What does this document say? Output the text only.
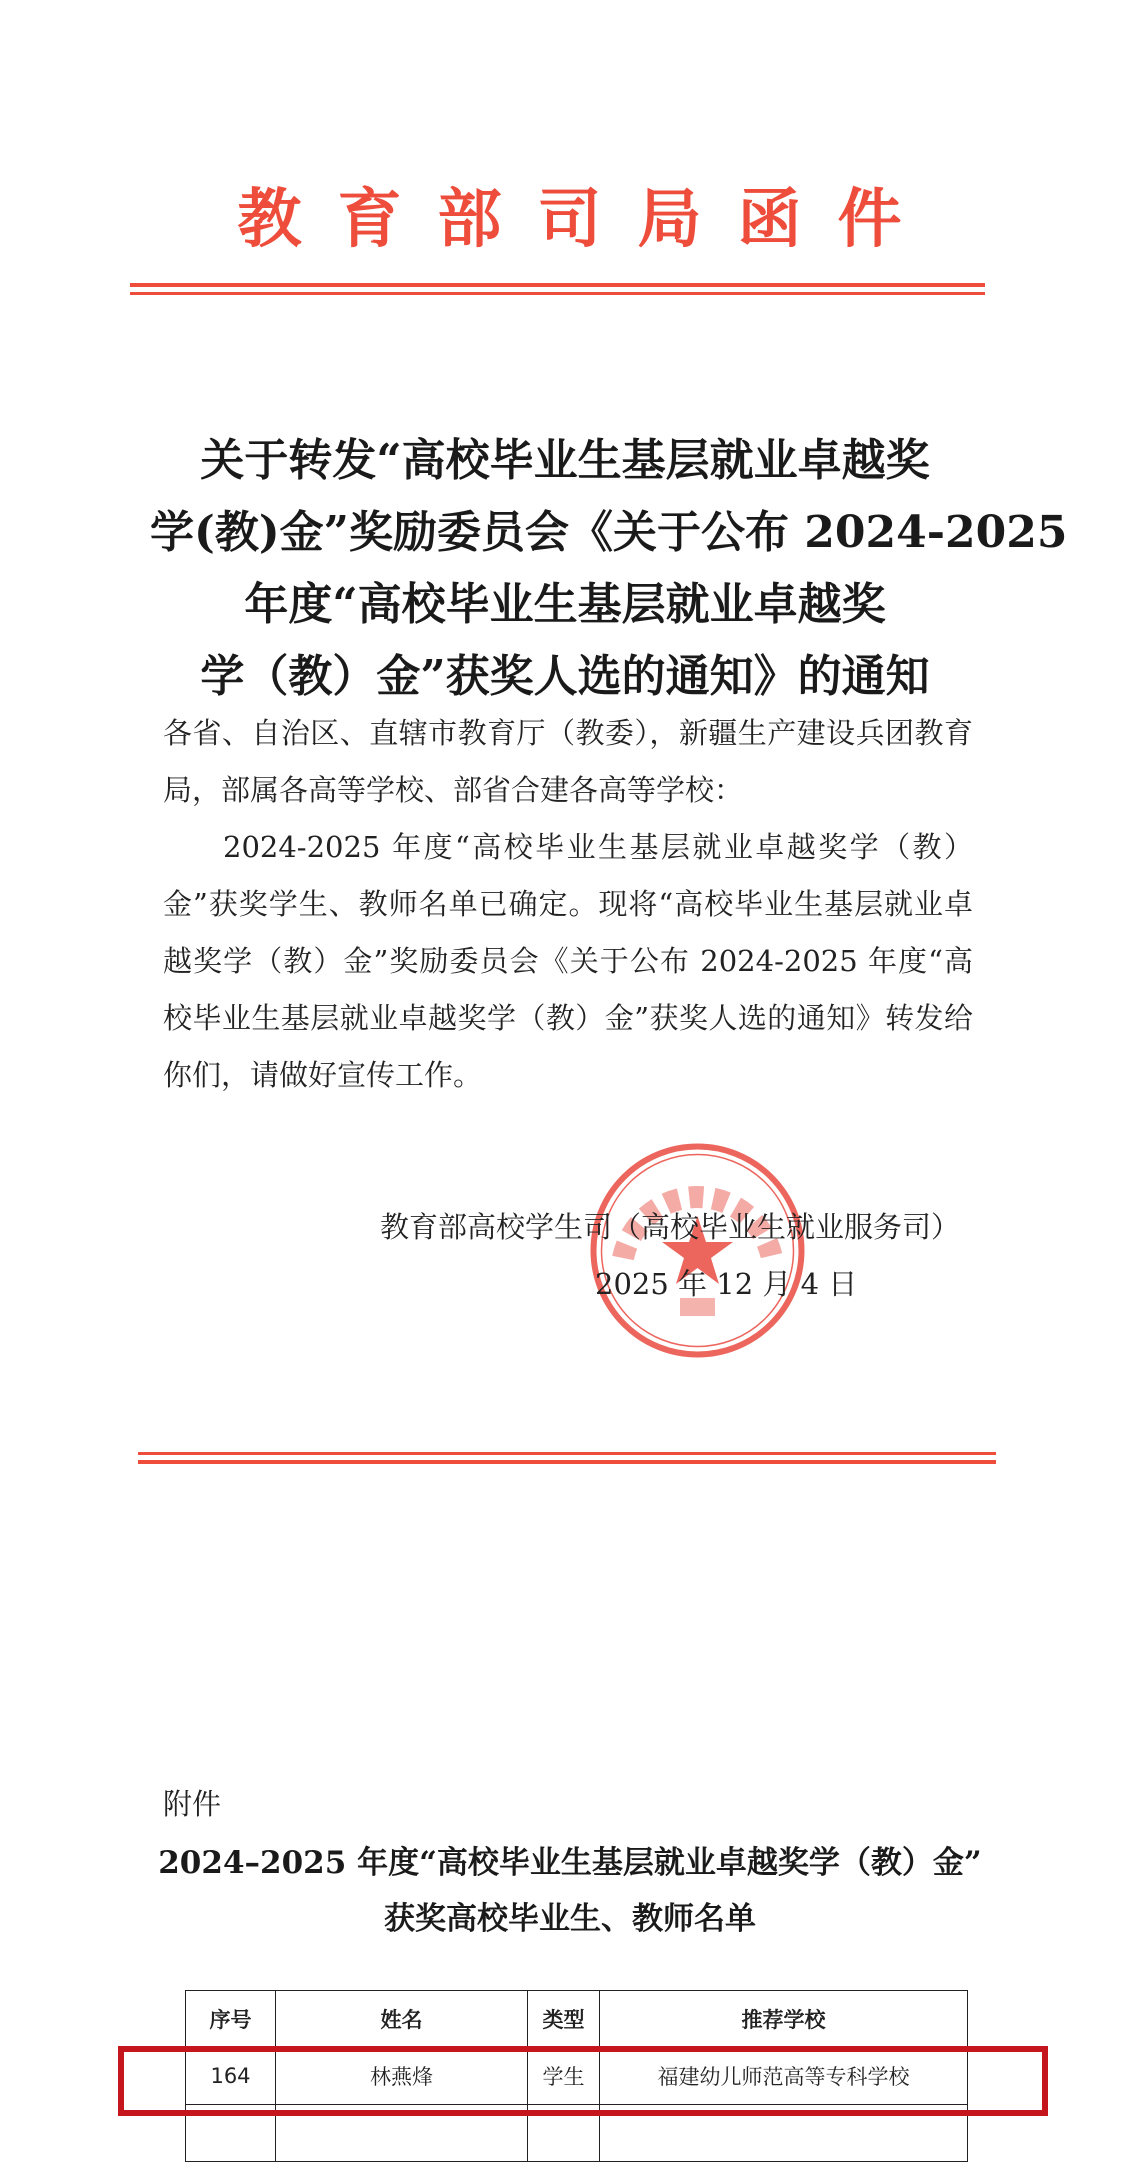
教育部司局函件
关于转发“高校毕业生基层就业卓越奖
学(教)金”奖励委员会《关于公布 2024-2025
年度“高校毕业生基层就业卓越奖
学（教）金”获奖人选的通知》的通知

各省、自治区、直辖市教育厅（教委），新疆生产建设兵团教育局，部属各高等学校、部省合建各高等学校：

2024-2025 年度“高校毕业生基层就业卓越奖学（教）金”获奖学生、教师名单已确定。现将“高校毕业生基层就业卓越奖学（教）金”奖励委员会《关于公布 2024-2025 年度“高校毕业生基层就业卓越奖学（教）金”获奖人选的通知》转发给你们，请做好宣传工作。

教育部高校学生司（高校毕业生就业服务司）
2025 年 12 月 4 日
附件
2024–2025 年度“高校毕业生基层就业卓越奖学（教）金”
获奖高校毕业生、教师名单
序号	姓名	类型	推荐学校
164	林燕烽	学生	福建幼儿师范高等专科学校
